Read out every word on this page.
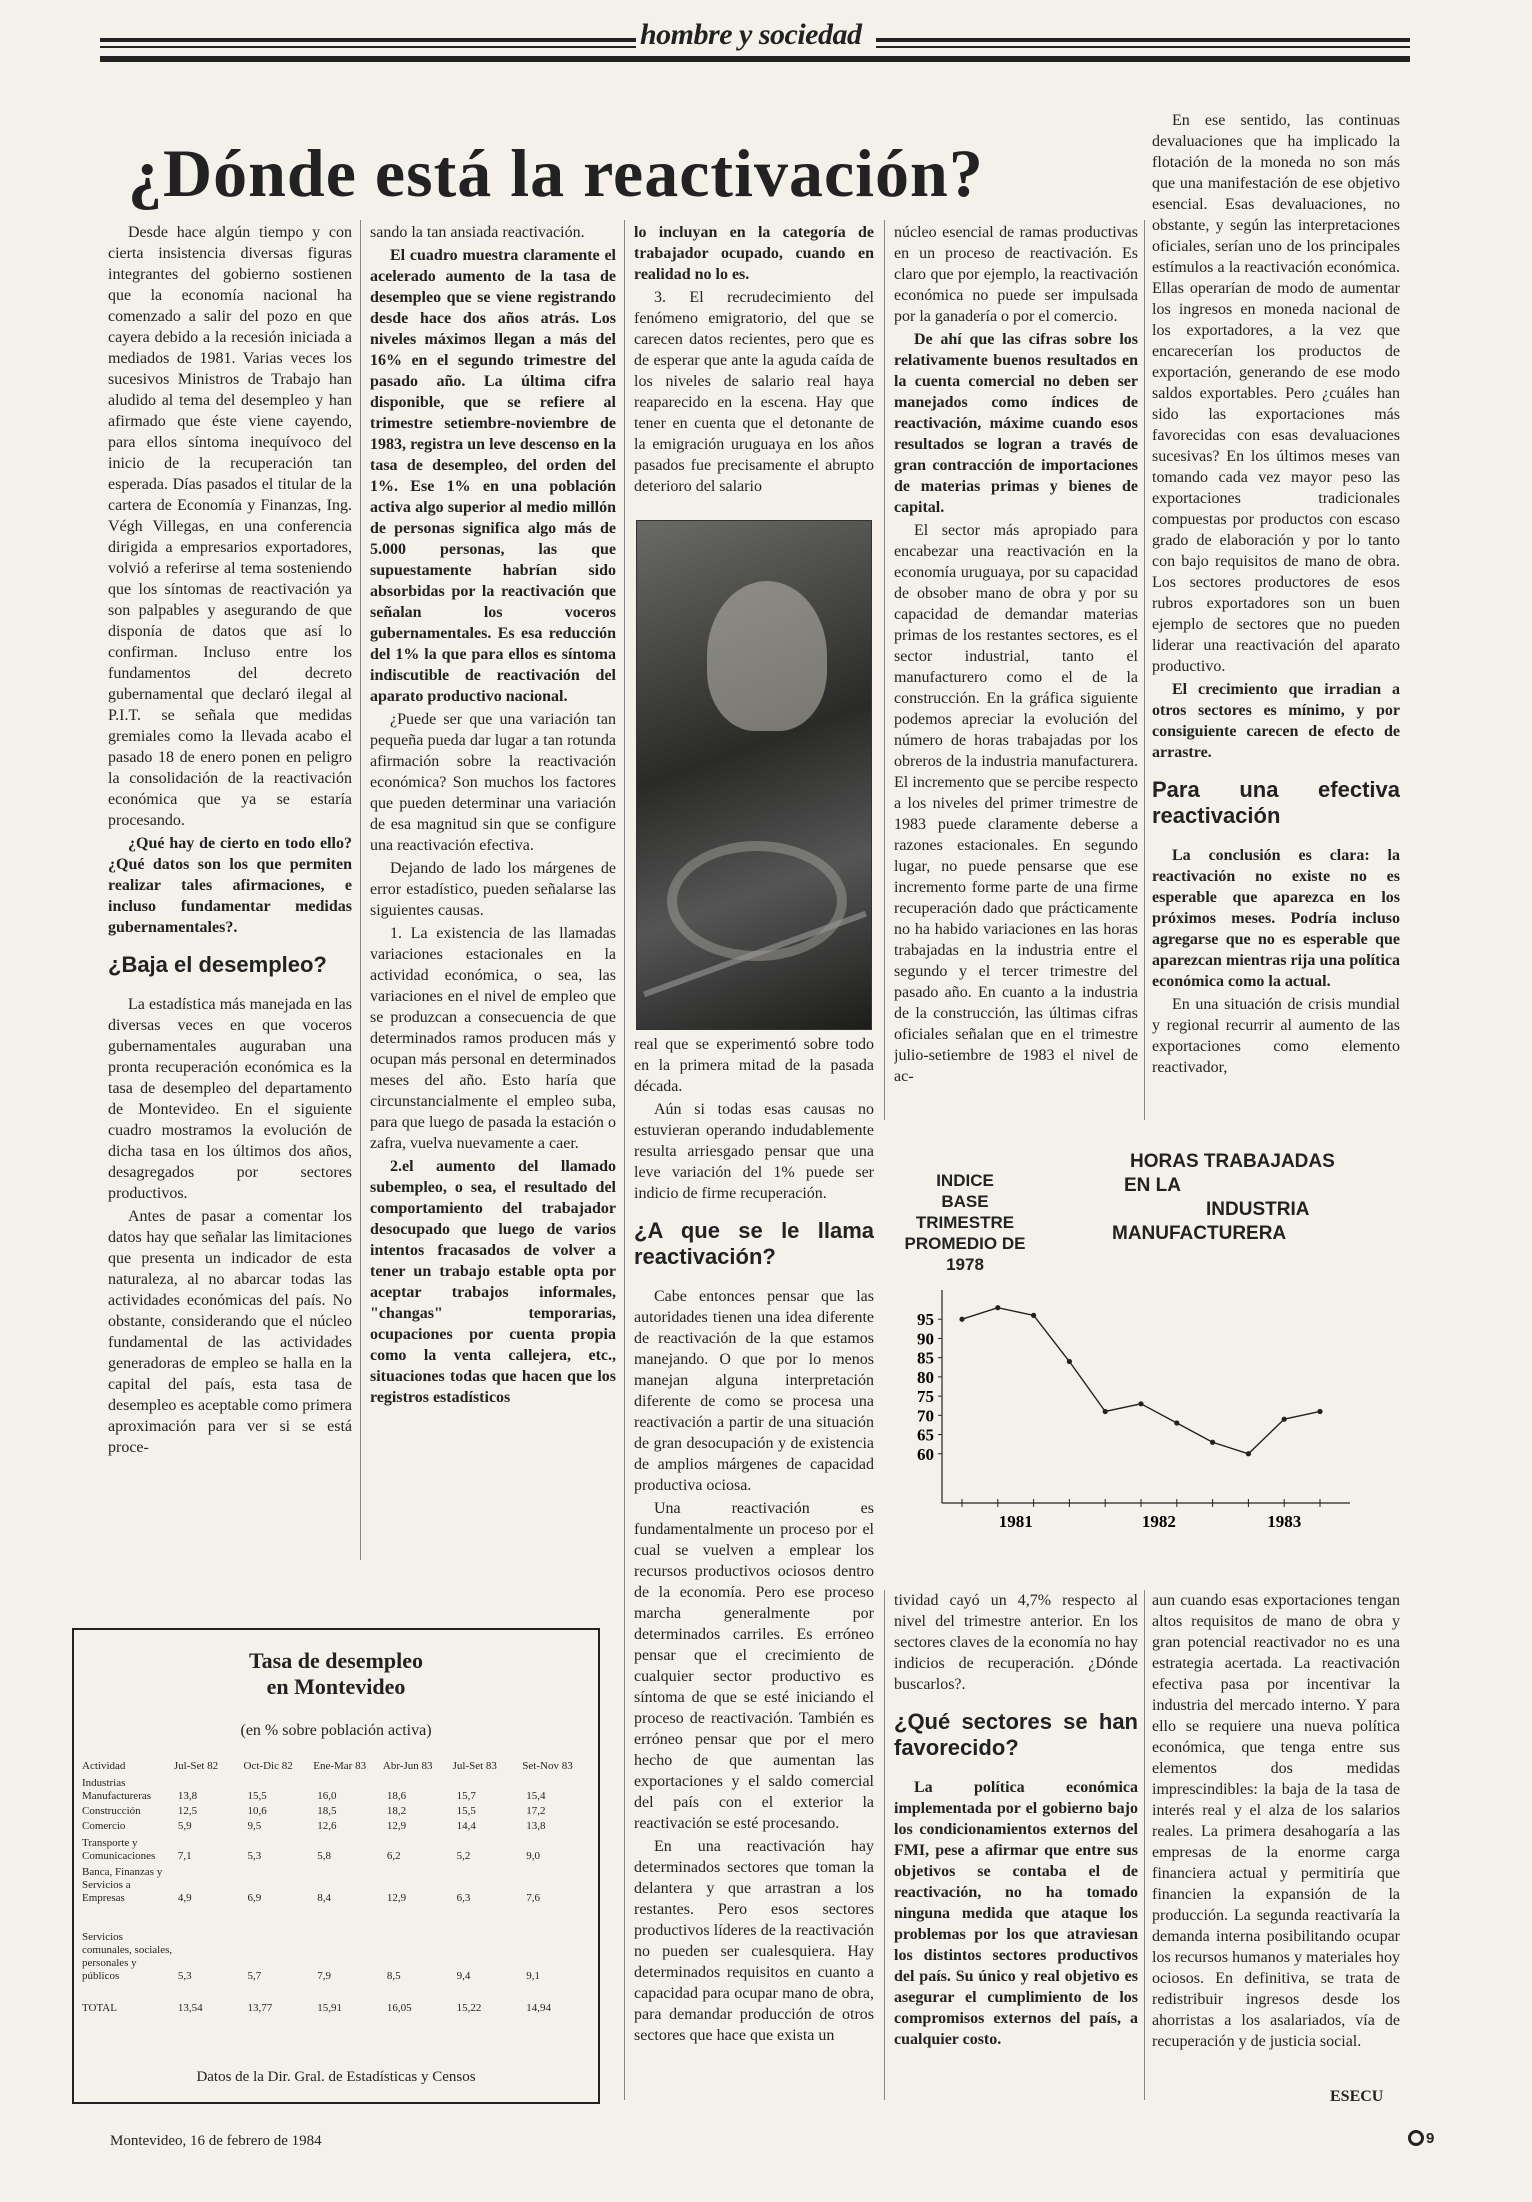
hombre y sociedad
¿Dónde está la reactivación?

Desde hace algún tiempo y con cierta insistencia diversas figuras integrantes del gobierno sostienen que la economía nacional ha comenzado a salir del pozo en que cayera debido a la recesión iniciada a mediados de 1981. Varias veces los sucesivos Ministros de Trabajo han aludido al tema del desempleo y han afirmado que éste viene cayendo, para ellos síntoma inequívoco del inicio de la recuperación tan esperada. Días pasados el titular de la cartera de Economía y Finanzas, Ing. Végh Villegas, en una conferencia dirigida a empresarios exportadores, volvió a referirse al tema sosteniendo que los síntomas de reactivación ya son palpables y asegurando de que disponía de datos que así lo confirman. Incluso entre los fundamentos del decreto gubernamental que declaró ilegal al P.I.T. se señala que medidas gremiales como la llevada acabo el pasado 18 de enero ponen en peligro la consolidación de la reactivación económica que ya se estaría procesando.

¿Qué hay de cierto en todo ello? ¿Qué datos son los que permiten realizar tales afirmaciones, e incluso fundamentar medidas gubernamentales?.

¿Baja el desempleo?

La estadística más manejada en las diversas veces en que voceros gubernamentales auguraban una pronta recuperación económica es la tasa de desempleo del departamento de Montevideo. En el siguiente cuadro mostramos la evolución de dicha tasa en los últimos dos años, desagregados por sectores productivos.

Antes de pasar a comentar los datos hay que señalar las limitaciones que presenta un indicador de esta naturaleza, al no abarcar todas las actividades económicas del país. No obstante, considerando que el núcleo fundamental de las actividades generadoras de empleo se halla en la capital del país, esta tasa de desempleo es aceptable como primera aproximación para ver si se está proce-

sando la tan ansiada reactivación.

El cuadro muestra claramente el acelerado aumento de la tasa de desempleo que se viene registrando desde hace dos años atrás. Los niveles máximos llegan a más del 16% en el segundo trimestre del pasado año. La última cifra disponible, que se refiere al trimestre setiembre-noviembre de 1983, registra un leve descenso en la tasa de desempleo, del orden del 1%. Ese 1% en una población activa algo superior al medio millón de personas significa algo más de 5.000 personas, las que supuestamente habrían sido absorbidas por la reactivación que señalan los voceros gubernamentales. Es esa reducción del 1% la que para ellos es síntoma indiscutible de reactivación del aparato productivo nacional.

¿Puede ser que una variación tan pequeña pueda dar lugar a tan rotunda afirmación sobre la reactivación económica? Son muchos los factores que pueden determinar una variación de esa magnitud sin que se configure una reactivación efectiva.

Dejando de lado los márgenes de error estadístico, pueden señalarse las siguientes causas.

1. La existencia de las llamadas variaciones estacionales en la actividad económica, o sea, las variaciones en el nivel de empleo que se produzcan a consecuencia de que determinados ramos producen más y ocupan más personal en determinados meses del año. Esto haría que circunstancialmente el empleo suba, para que luego de pasada la estación o zafra, vuelva nuevamente a caer.

2.el aumento del llamado subempleo, o sea, el resultado del comportamiento del trabajador desocupado que luego de varios intentos fracasados de volver a tener un trabajo estable opta por aceptar trabajos informales, "changas" temporarias, ocupaciones por cuenta propia como la venta callejera, etc., situaciones todas que hacen que los registros estadísticos

lo incluyan en la categoría de trabajador ocupado, cuando en realidad no lo es.

3. El recrudecimiento del fenómeno emigratorio, del que se carecen datos recientes, pero que es de esperar que ante la aguda caída de los niveles de salario real haya reaparecido en la escena. Hay que tener en cuenta que el detonante de la emigración uruguaya en los años pasados fue precisamente el abrupto deterioro del salario

real que se experimentó sobre todo en la primera mitad de la pasada década.

Aún si todas esas causas no estuvieran operando indudablemente resulta arriesgado pensar que una leve variación del 1% puede ser indicio de firme recuperación.

¿A que se le llama reactivación?

Cabe entonces pensar que las autoridades tienen una idea diferente de reactivación de la que estamos manejando. O que por lo menos manejan alguna interpretación diferente de como se procesa una reactivación a partir de una situación de gran desocupación y de existencia de amplios márgenes de capacidad productiva ociosa.

Una reactivación es fundamentalmente un proceso por el cual se vuelven a emplear los recursos productivos ociosos dentro de la economía. Pero ese proceso marcha generalmente por determinados carriles. Es erróneo pensar que el crecimiento de cualquier sector productivo es síntoma de que se esté iniciando el proceso de reactivación. También es erróneo pensar que por el mero hecho de que aumentan las exportaciones y el saldo comercial del país con el exterior la reactivación se esté procesando.

En una reactivación hay determinados sectores que toman la delantera y que arrastran a los restantes. Pero esos sectores productivos líderes de la reactivación no pueden ser cualesquiera. Hay determinados requisitos en cuanto a capacidad para ocupar mano de obra, para demandar producción de otros sectores que hace que exista un

núcleo esencial de ramas productivas en un proceso de reactivación. Es claro que por ejemplo, la reactivación económica no puede ser impulsada por la ganadería o por el comercio.

De ahí que las cifras sobre los relativamente buenos resultados en la cuenta comercial no deben ser manejados como índices de reactivación, máxime cuando esos resultados se logran a través de gran contracción de importaciones de materias primas y bienes de capital.

El sector más apropiado para encabezar una reactivación en la economía uruguaya, por su capacidad de obsober mano de obra y por su capacidad de demandar materias primas de los restantes sectores, es el sector industrial, tanto el manufacturero como el de la construcción. En la gráfica siguiente podemos apreciar la evolución del número de horas trabajadas por los obreros de la industria manufacturera. El incremento que se percibe respecto a los niveles del primer trimestre de 1983 puede claramente deberse a razones estacionales. En segundo lugar, no puede pensarse que ese incremento forme parte de una firme recuperación dado que prácticamente no ha habido variaciones en las horas trabajadas en la industria entre el segundo y el tercer trimestre del pasado año. En cuanto a la industria de la construcción, las últimas cifras oficiales señalan que en el trimestre julio-setiembre de 1983 el nivel de ac-

En ese sentido, las continuas devaluaciones que ha implicado la flotación de la moneda no son más que una manifestación de ese objetivo esencial. Esas devaluaciones, no obstante, y según las interpretaciones oficiales, serían uno de los principales estímulos a la reactivación económica. Ellas operarían de modo de aumentar los ingresos en moneda nacional de los exportadores, a la vez que encarecerían los productos de exportación, generando de ese modo saldos exportables. Pero ¿cuáles han sido las exportaciones más favorecidas con esas devaluaciones sucesivas? En los últimos meses van tomando cada vez mayor peso las exportaciones tradicionales compuestas por productos con escaso grado de elaboración y por lo tanto con bajo requisitos de mano de obra. Los sectores productores de esos rubros exportadores son un buen ejemplo de sectores que no pueden liderar una reactivación del aparato productivo.

El crecimiento que irradian a otros sectores es mínimo, y por consiguiente carecen de efecto de arrastre.

Para una efectiva reactivación

La conclusión es clara: la reactivación no existe no es esperable que aparezca en los próximos meses. Podría incluso agregarse que no es esperable que aparezcan mientras rija una política económica como la actual.

En una situación de crisis mundial y regional recurrir al aumento de las exportaciones como elemento reactivador,

INDICE
BASE
TRIMESTRE
PROMEDIO DE
1978
HORAS TRABAJADAS
EN LA
INDUSTRIA
MANUFACTURERA
60
65
70
75
80
85
90
95
1981	1982	1983

tividad cayó un 4,7% respecto al nivel del trimestre anterior. En los sectores claves de la economía no hay indicios de recuperación. ¿Dónde buscarlos?.

¿Qué sectores se han favorecido?

La política económica implementada por el gobierno bajo los condicionamientos externos del FMI, pese a afirmar que entre sus objetivos se contaba el de reactivación, no ha tomado ninguna medida que ataque los problemas por los que atraviesan los distintos sectores productivos del país. Su único y real objetivo es asegurar el cumplimiento de los compromisos externos del país, a cualquier costo.

aun cuando esas exportaciones tengan altos requisitos de mano de obra y gran potencial reactivador no es una estrategia acertada. La reactivación efectiva pasa por incentivar la industria del mercado interno. Y para ello se requiere una nueva política económica, que tenga entre sus elementos dos medidas imprescindibles: la baja de la tasa de interés real y el alza de los salarios reales. La primera desahogaría a las empresas de la enorme carga financiera actual y permitiría que financien la expansión de la producción. La segunda reactivaría la demanda interna posibilitando ocupar los recursos humanos y materiales hoy ociosos. En definitiva, se trata de redistribuir ingresos desde los ahorristas a los asalariados, vía de recuperación y de justicia social.

ESECU
Tasa de desempleo
en Montevideo
(en % sobre población activa)
Actividad	Jul-Set 82	Oct-Dic 82	Ene-Mar 83	Abr-Jun 83	Jul-Set 83	Set-Nov 83
Industrias Manufactureras	13,8	15,5	16,0	18,6	15,7	15,4
Construcción	12,5	10,6	18,5	18,2	15,5	17,2
Comercio	5,9	9,5	12,6	12,9	14,4	13,8
Transporte y Comunicaciones	7,1	5,3	5,8	6,2	5,2	9,0
Banca, Finanzas y Servicios a Empresas	4,9	6,9	8,4	12,9	6,3	7,6
Servicios comunales, sociales, personales y públicos	5,3	5,7	7,9	8,5	9,4	9,1
TOTAL	13,54	13,77	15,91	16,05	15,22	14,94
Datos de la Dir. Gral. de Estadísticas y Censos
Montevideo, 16 de febrero de 1984	9
